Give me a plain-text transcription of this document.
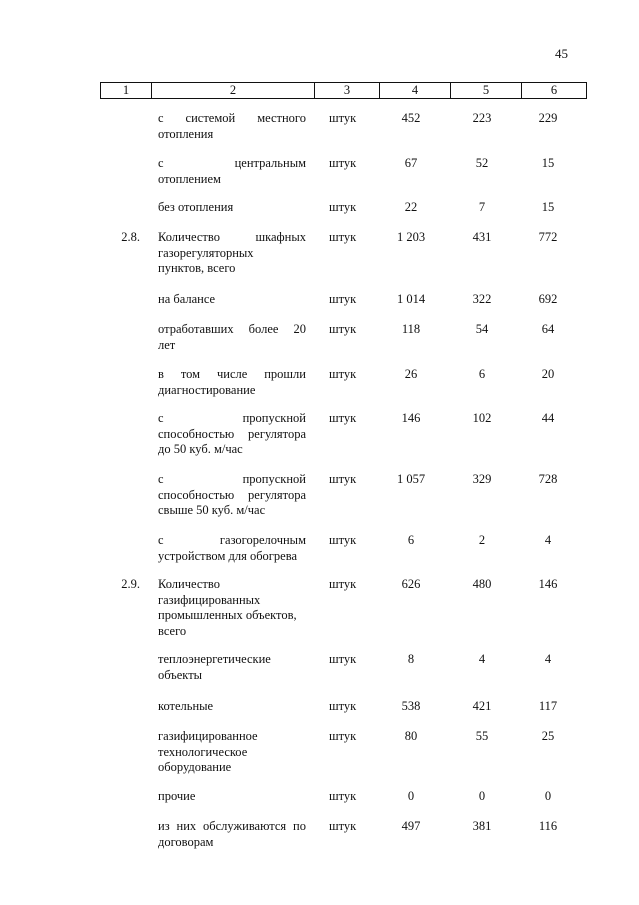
45
1	2	3	4	5	6
с системой местного
отопления
штук	452	223	229
с центральным
отоплением
штук	67	52	15
без отопления	штук	22	7	15
2.8. Количество шкафных
газорегуляторных
пунктов, всего
штук	1 203	431	772
на балансе	штук	1 014	322	692
отработавших более 20
лет
штук	118	54	64
в том числе прошли
диагностирование
штук	26	6	20
с пропускной
способностью регулятора
до 50 куб. м/час
штук	146	102	44
с пропускной
способностью регулятора
свыше 50 куб. м/час
штук	1 057	329	728
с газогорелочным
устройством для обогрева
штук	6	2	4
2.9. Количество
газифицированных
промышленных объектов,
всего
штук	626	480	146
теплоэнергетические
объекты
штук	8	4	4
котельные	штук	538	421	117
газифицированное
технологическое
оборудование
штук	80	55	25
прочие	штук	0	0	0
из них обслуживаются по
договорам
штук	497	381	116
